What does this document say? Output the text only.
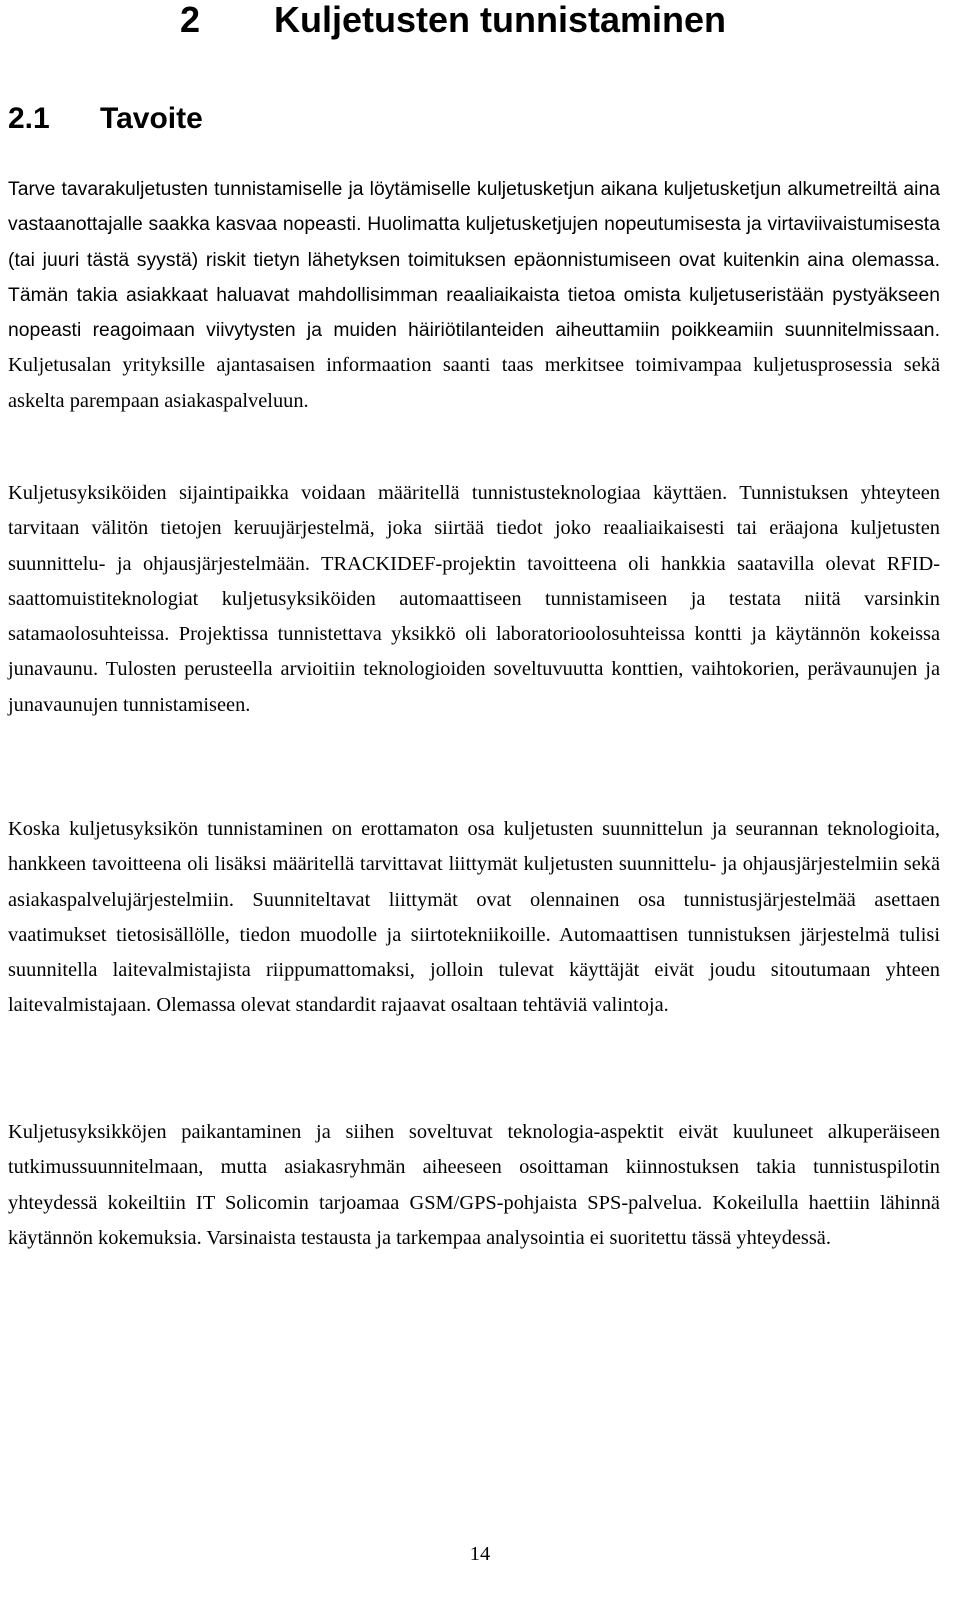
2 Kuljetusten tunnistaminen
2.1 Tavoite

Tarve tavarakuljetusten tunnistamiselle ja löytämiselle kuljetusketjun aikana kuljetusketjun alkumetreiltä aina vastaanottajalle saakka kasvaa nopeasti. Huolimatta kuljetusketjujen nopeutumisesta ja virtaviivaistumisesta (tai juuri tästä syystä) riskit tietyn lähetyksen toimituksen epäonnistumiseen ovat kuitenkin aina olemassa. Tämän takia asiakkaat haluavat mahdollisimman reaaliaikaista tietoa omista kuljetuseristään pystyäkseen nopeasti reagoimaan viivytysten ja muiden häiriötilanteiden aiheuttamiin poikkeamiin suunnitelmissaan. Kuljetusalan yrityksille ajantasaisen informaation saanti taas merkitsee toimivampaa kuljetusprosessia sekä askelta parempaan asiakaspalveluun.

Kuljetusyksiköiden sijaintipaikka voidaan määritellä tunnistusteknologiaa käyttäen. Tunnistuksen yhteyteen tarvitaan välitön tietojen keruujärjestelmä, joka siirtää tiedot joko reaaliaikaisesti tai eräajona kuljetusten suunnittelu- ja ohjausjärjestelmään. TRACKIDEF-projektin tavoitteena oli hankkia saatavilla olevat RFID-saattomuistiteknologiat kuljetusyksiköiden automaattiseen tunnistamiseen ja testata niitä varsinkin satamaolosuhteissa. Projektissa tunnistettava yksikkö oli laboratorioolosuhteissa kontti ja käytännön kokeissa junavaunu. Tulosten perusteella arvioitiin teknologioiden soveltuvuutta konttien, vaihtokorien, perävaunujen ja junavaunujen tunnistamiseen.

Koska kuljetusyksikön tunnistaminen on erottamaton osa kuljetusten suunnittelun ja seurannan teknologioita, hankkeen tavoitteena oli lisäksi määritellä tarvittavat liittymät kuljetusten suunnittelu- ja ohjausjärjestelmiin sekä asiakaspalvelujärjestelmiin. Suunniteltavat liittymät ovat olennainen osa tunnistusjärjestelmää asettaen vaatimukset tietosisällölle, tiedon muodolle ja siirtotekniikoille. Automaattisen tunnistuksen järjestelmä tulisi suunnitella laitevalmistajista riippumattomaksi, jolloin tulevat käyttäjät eivät joudu sitoutumaan yhteen laitevalmistajaan. Olemassa olevat standardit rajaavat osaltaan tehtäviä valintoja.

Kuljetusyksikköjen paikantaminen ja siihen soveltuvat teknologia-aspektit eivät kuuluneet alkuperäiseen tutkimussuunnitelmaan, mutta asiakasryhmän aiheeseen osoittaman kiinnostuksen takia tunnistuspilotin yhteydessä kokeiltiin IT Solicomin tarjoamaa GSM/GPS-pohjaista SPS-palvelua. Kokeilulla haettiin lähinnä käytännön kokemuksia. Varsinaista testausta ja tarkempaa analysointia ei suoritettu tässä yhteydessä.

14
